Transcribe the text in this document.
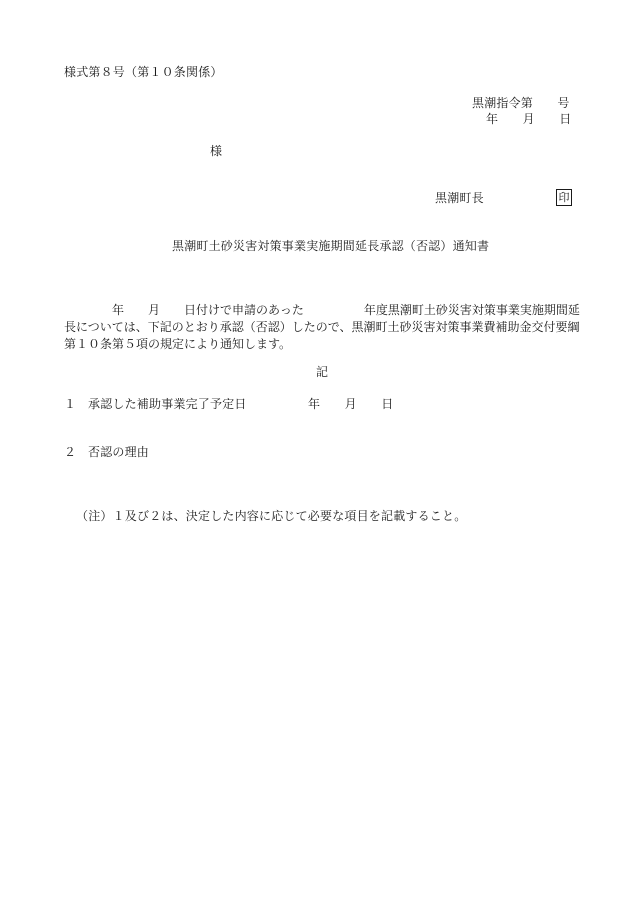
様式第８号（第１０条関係）
黒潮指令第　　号
年　　月　　日
様
黒潮町長	印
黒潮町土砂災害対策事業実施期間延長承認（否認）通知書
　　　　年　　月　　日付けで申請のあった　　　　　年度黒潮町土砂災害対策事業実施期間延
長については、下記のとおり承認（否認）したので、黒潮町土砂災害対策事業費補助金交付要綱
第１０条第５項の規定により通知します。
記
１ 承認した補助事業完了予定日	年　　月　　日
２ 否認の理由
（注）１及び２は、決定した内容に応じて必要な項目を記載すること。
